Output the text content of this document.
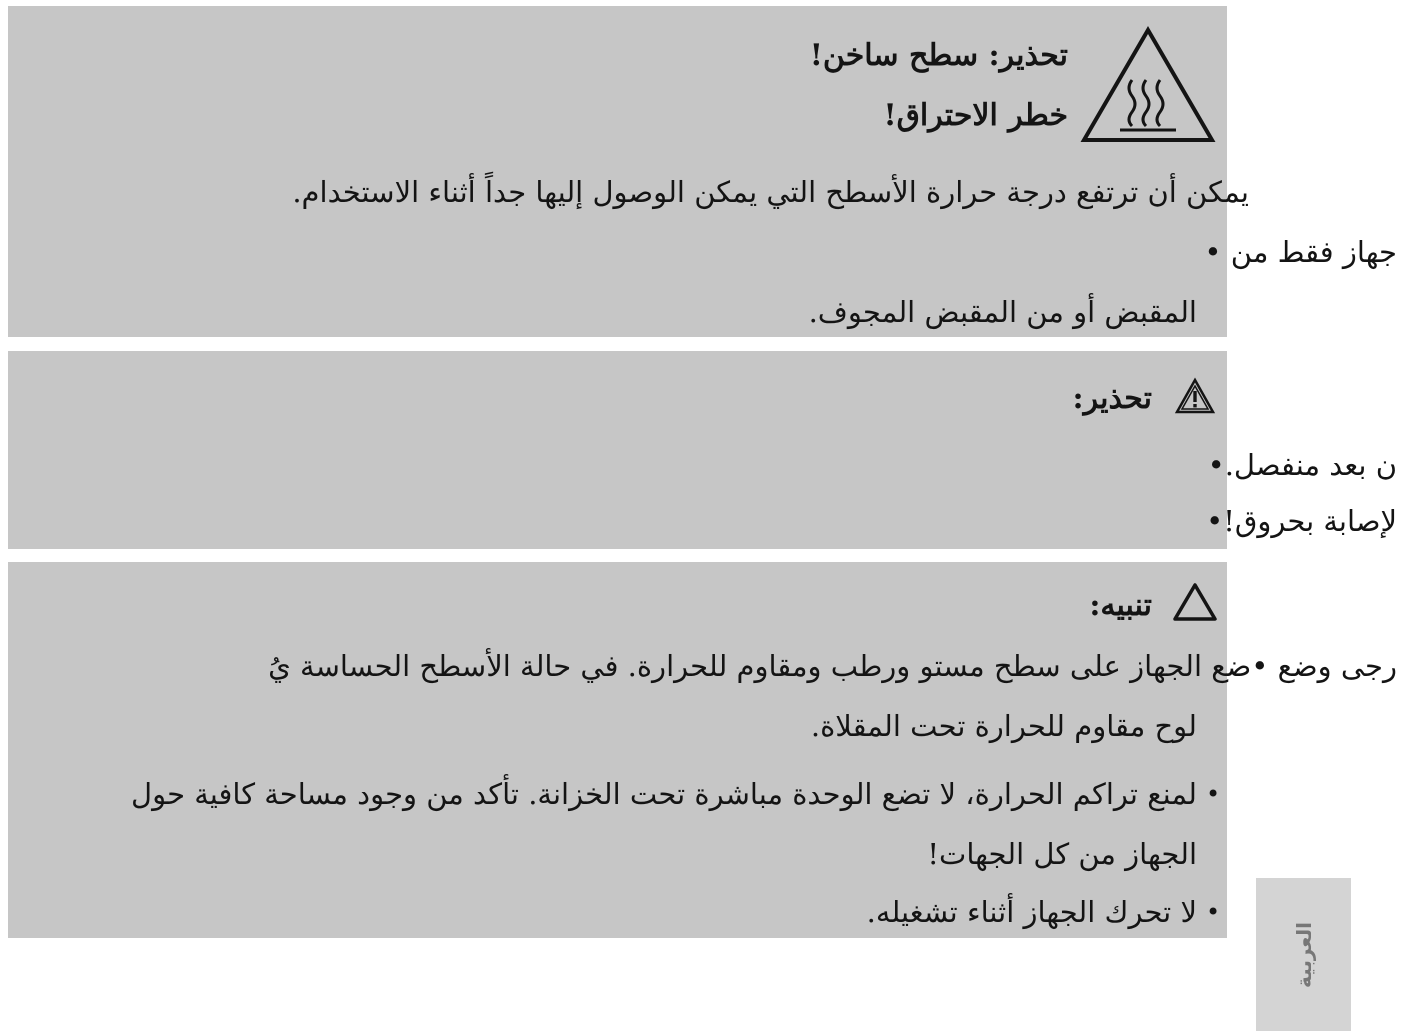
تحذير: سطح ساخن!
خطر الاحتراق!
يمكن أن ترتفع درجة حرارة الأسطح التي يمكن الوصول إليها جداً أثناء الاستخدام.
جهاز فقط من •
المقبض أو من المقبض المجوف.
تحذير:
ن بعد منفصل.•
لإصابة بحروق!•
تنبيه:
رجى وضع •ضع الجهاز على سطح مستو ورطب ومقاوم للحرارة. في حالة الأسطح الحساسة يُ
لوح مقاوم للحرارة تحت المقلاة.
•
لمنع تراكم الحرارة، لا تضع الوحدة مباشرة تحت الخزانة. تأكد من وجود مساحة كافية حول
الجهاز من كل الجهات!
•
لا تحرك الجهاز أثناء تشغيله.
العربية
